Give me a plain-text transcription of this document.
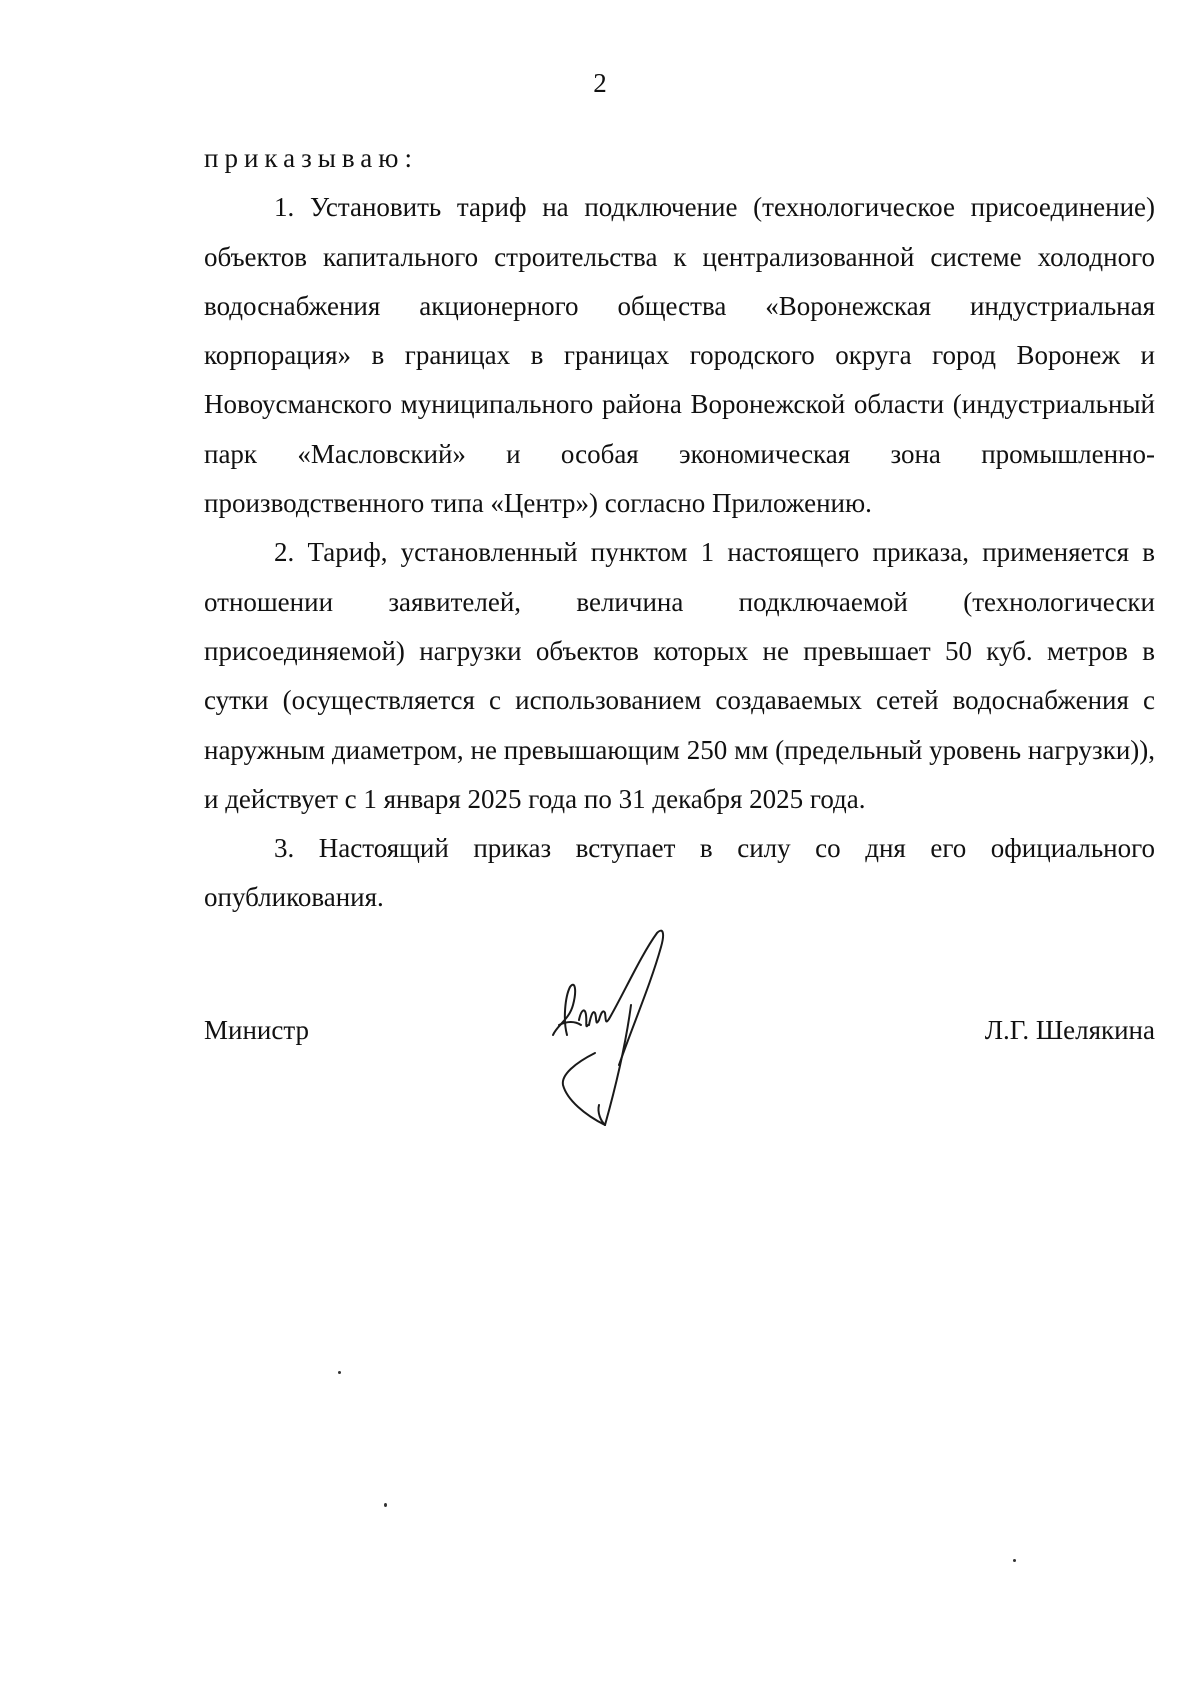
2

приказываю:

1. Установить тариф на подключение (технологическое присоединение) объектов капитального строительства к централизованной системе холодного водоснабжения акционерного общества «Воронежская индустриальная корпорация» в границах в границах городского округа город Воронеж и Новоусманского муниципального района Воронежской области (индустриальный парк «Масловский» и особая экономическая зона промышленно-производственного типа «Центр») согласно Приложению.

2. Тариф, установленный пунктом 1 настоящего приказа, применяется в отношении заявителей, величина подключаемой (технологически присоединяемой) нагрузки объектов которых не превышает 50 куб. метров в сутки (осуществляется с использованием создаваемых сетей водоснабжения с наружным диаметром, не превышающим 250 мм (предельный уровень нагрузки)), и действует с 1 января 2025 года по 31 декабря 2025 года.

3. Настоящий приказ вступает в силу со дня его официального опубликования.

Министр	Л.Г. Шелякина
